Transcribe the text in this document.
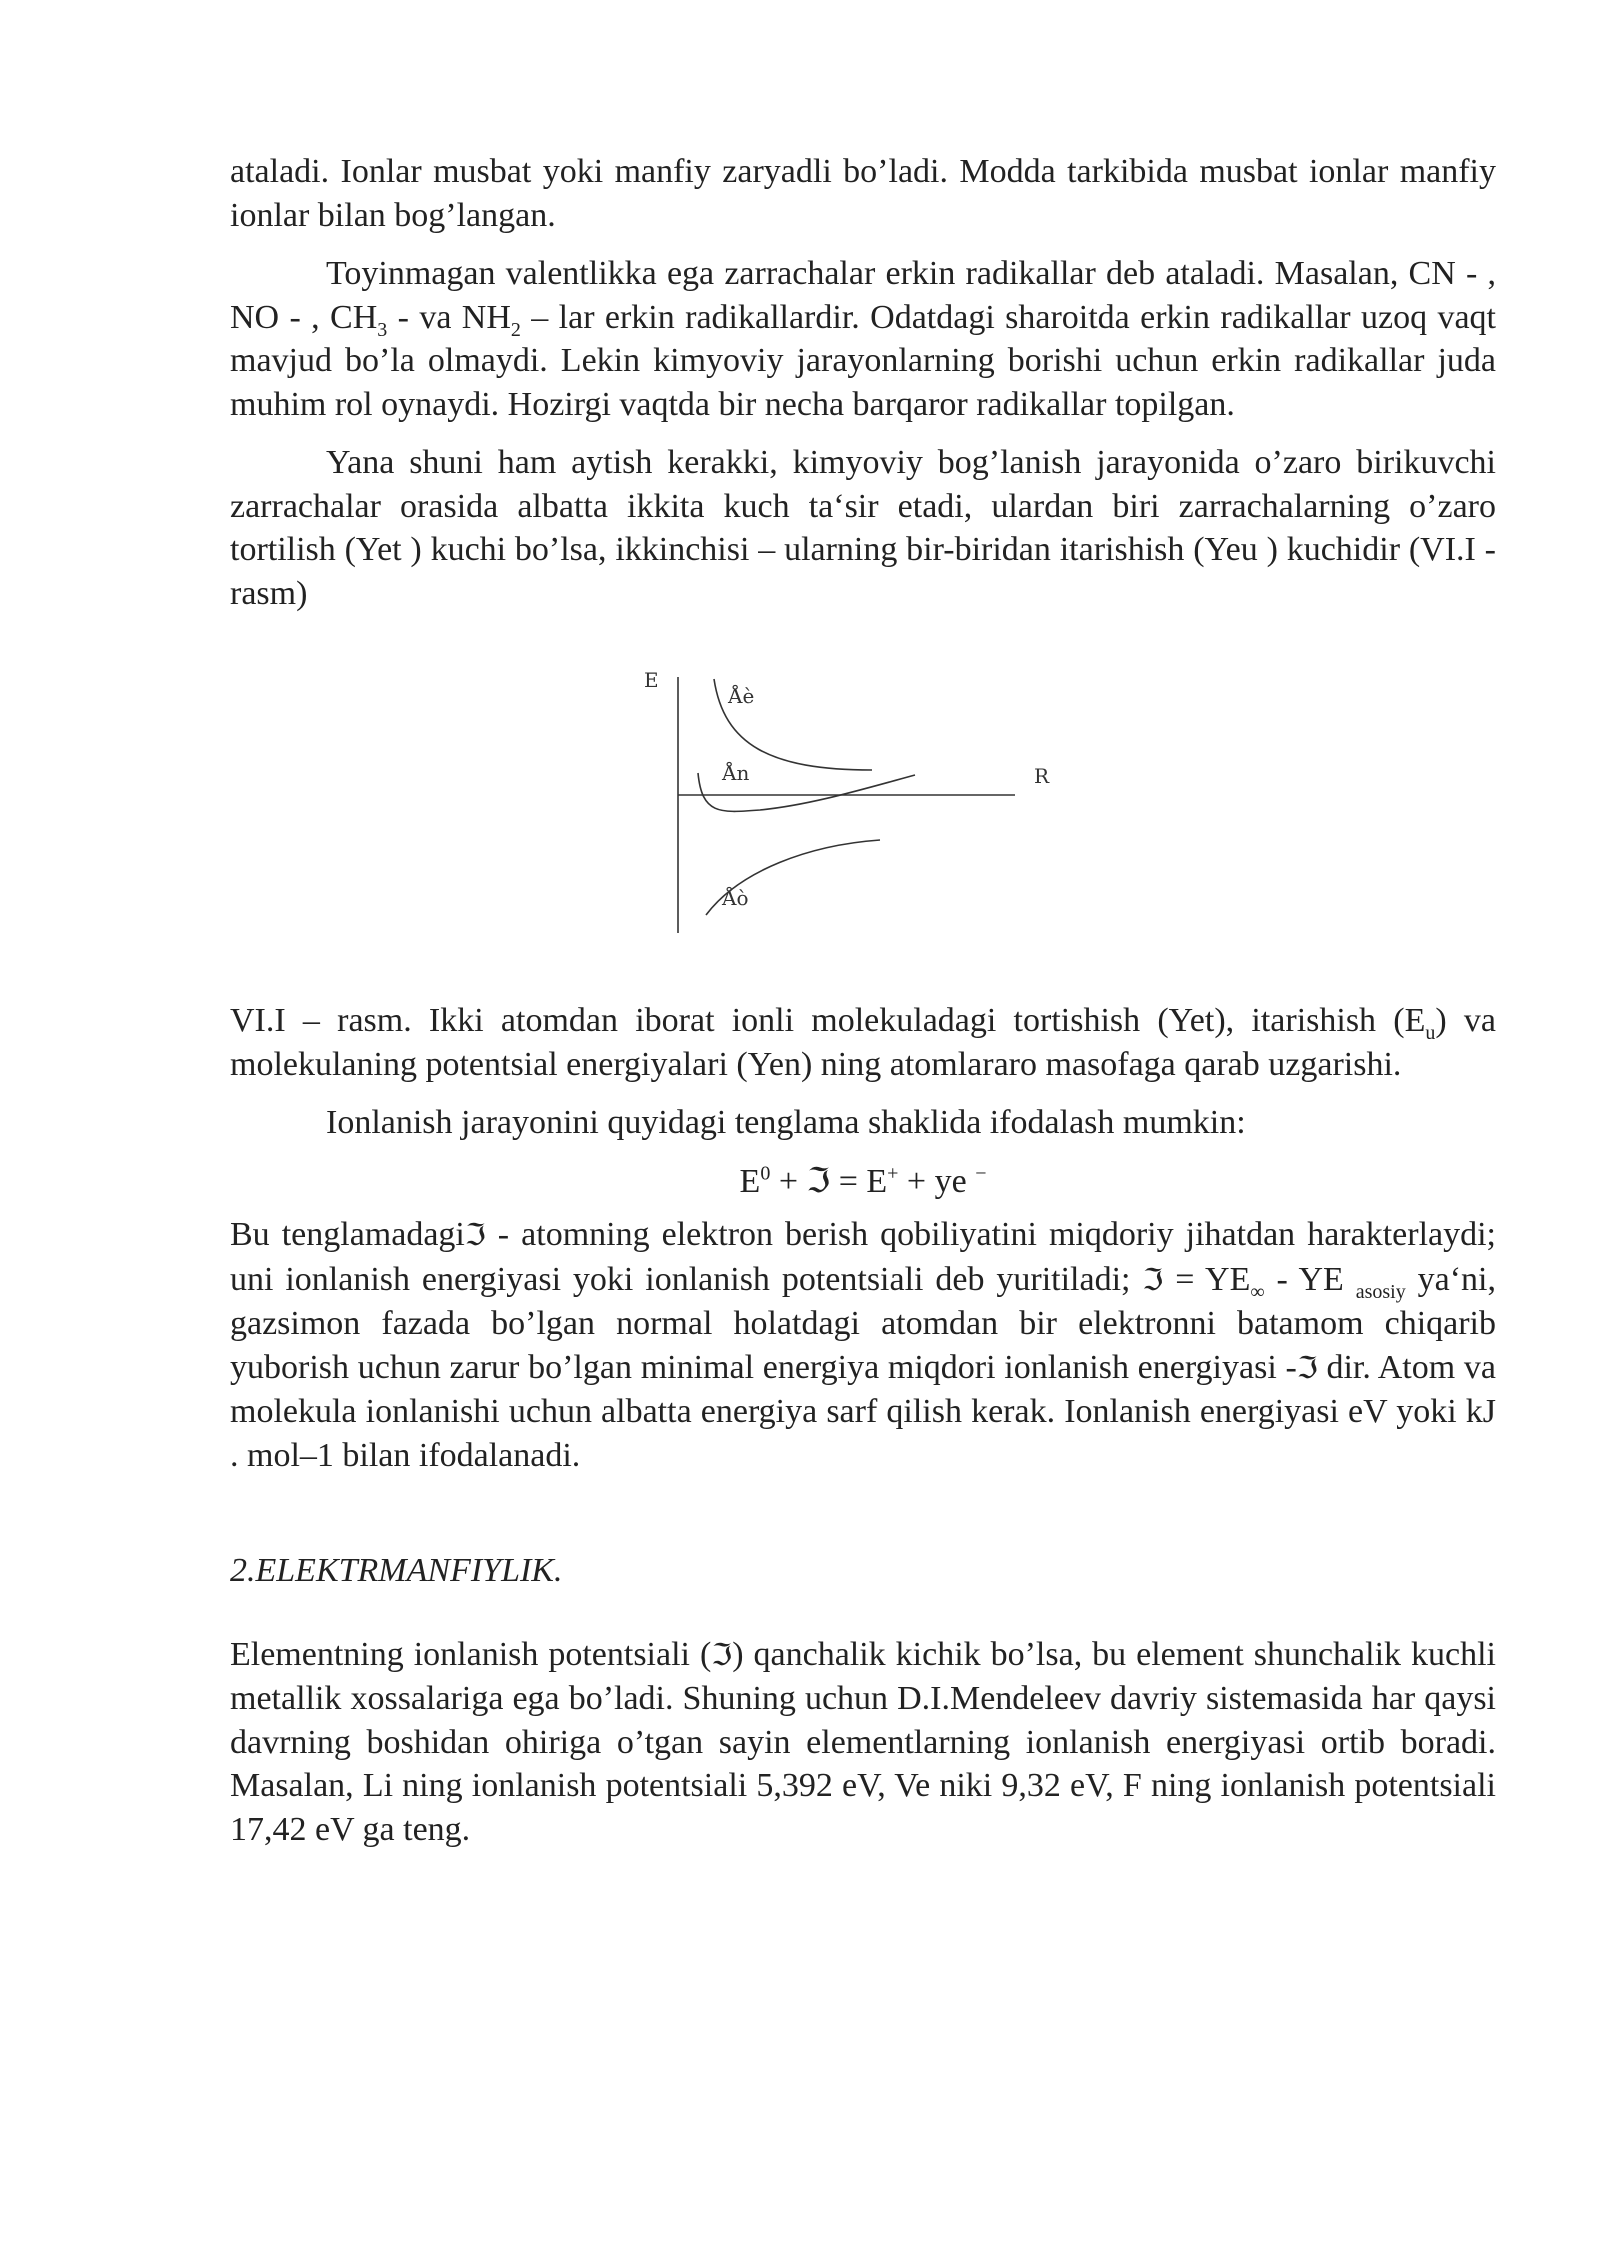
ataladi. Ionlar musbat yoki manfiy zaryadli bo’ladi. Modda tarkibida musbat ionlar manfiy ionlar bilan bog’langan.

Toyinmagan valentlikka ega zarrachalar erkin radikallar deb ataladi. Masalan, CN - , NO - , $CH_3$ - va $NH_2$ – lar erkin radikallardir. Odatdagi sharoitda erkin radikallar uzoq vaqt mavjud bo’la olmaydi. Lekin kimyoviy jarayonlarning borishi uchun erkin radikallar juda muhim rol oynaydi. Hozirgi vaqtda bir necha barqaror radikallar topilgan.

Yana shuni ham aytish kerakki, kimyoviy bog’lanish jarayonida o’zaro birikuvchi zarrachalar orasida albatta ikkita kuch ta‘sir etadi, ulardan biri zarrachalarning o’zaro tortilish (Yet ) kuchi bo’lsa, ikkinchisi – ularning bir-biridan itarishish (Yeu ) kuchidir (VI.I - rasm)

E
R
Åè
Ån
Åò

VI.I – rasm. Ikki atomdan iborat ionli molekuladagi tortishish (Yet), itarishish $(E_u)$ va molekulaning potentsial energiyalari (Yen) ning atomlararo masofaga qarab uzgarishi.

Ionlanish jarayonini quyidagi tenglama shaklida ifodalash mumkin:

$E^0$ + ℑ = E+ + ye −

Bu tenglamadagiℑ - atomning elektron berish qobiliyatini miqdoriy jihatdan harakterlaydi; uni ionlanish energiyasi yoki ionlanish potentsiali deb yuritiladi; ℑ = $YE_\infty$ - YE $_{asosiy}$ ya‘ni, gazsimon fazada bo’lgan normal holatdagi atomdan bir elektronni batamom chiqarib yuborish uchun zarur bo’lgan minimal energiya miqdori ionlanish energiyasi -ℑ dir. Atom va molekula ionlanishi uchun albatta energiya sarf qilish kerak. Ionlanish energiyasi eV yoki kJ . mol–1 bilan ifodalanadi.

2.ELEKTRMANFIYLIK.

Elementning ionlanish potentsiali (ℑ) qanchalik kichik bo’lsa, bu element shunchalik kuchli metallik xossalariga ega bo’ladi. Shuning uchun D.I.Mendeleev davriy sistemasida har qaysi davrning boshidan ohiriga o’tgan sayin elementlarning ionlanish energiyasi ortib boradi. Masalan, Li ning ionlanish potentsiali 5,392 eV, Ve niki 9,32 eV, F ning ionlanish potentsiali 17,42 eV ga teng.
